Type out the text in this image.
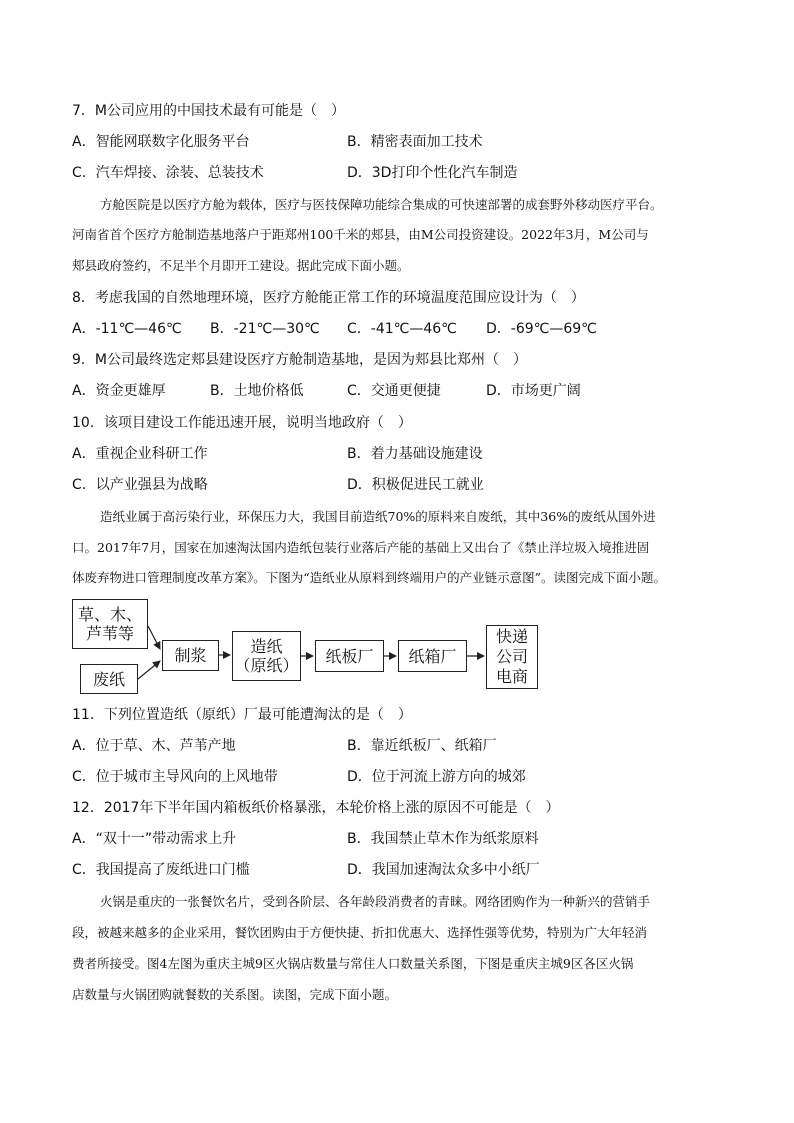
7．M公司应用的中国技术最有可能是（　）
A．智能网联数字化服务平台	B．精密表面加工技术
C．汽车焊接、涂装、总装技术	D．3D打印个性化汽车制造
方舱医院是以医疗方舱为载体，医疗与医技保障功能综合集成的可快速部署的成套野外移动医疗平台。
河南省首个医疗方舱制造基地落户于距郑州100千米的郏县，由M公司投资建设。2022年3月，M公司与
郏县政府签约，不足半个月即开工建设。据此完成下面小题。
8．考虑我国的自然地理环境，医疗方舱能正常工作的环境温度范围应设计为（　）
A．-11℃—46℃ B．-21℃—30℃ C．-41℃—46℃ D．-69℃—69℃
9．M公司最终选定郏县建设医疗方舱制造基地，是因为郏县比郑州（　）
A．资金更雄厚	B．土地价格低	C．交通更便捷	D．市场更广阔
10．该项目建设工作能迅速开展，说明当地政府（　）
A．重视企业科研工作	B．着力基础设施建设
C．以产业强县为战略	D．积极促进民工就业
造纸业属于高污染行业，环保压力大，我国目前造纸70%的原料来自废纸，其中36%的废纸从国外进
口。2017年7月，国家在加速淘汰国内造纸包装行业落后产能的基础上又出台了《禁止洋垃圾入境推进固
体废弃物进口管理制度改革方案》。下图为“造纸业从原料到终端用户的产业链示意图”。读图完成下面小题。
草、木、
芦苇等
废纸
制浆	造纸
（原纸） 纸板厂 纸箱厂
快递
公司
电商
11．下列位置造纸（原纸）厂最可能遭淘汰的是（　）
A．位于草、木、芦苇产地	B．靠近纸板厂、纸箱厂
C．位于城市主导风向的上风地带	D．位于河流上游方向的城郊
12．2017年下半年国内箱板纸价格暴涨，本轮价格上涨的原因不可能是（　）
A．“双十一”带动需求上升	B．我国禁止草木作为纸浆原料
C．我国提高了废纸进口门槛	D．我国加速淘汰众多中小纸厂
火锅是重庆的一张餐饮名片，受到各阶层、各年龄段消费者的青睐。网络团购作为一种新兴的营销手
段，被越来越多的企业采用，餐饮团购由于方便快捷、折扣优惠大、选择性强等优势，特别为广大年轻消
费者所接受。图4左图为重庆主城9区火锅店数量与常住人口数量关系图，下图是重庆主城9区各区火锅
店数量与火锅团购就餐数的关系图。读图，完成下面小题。
